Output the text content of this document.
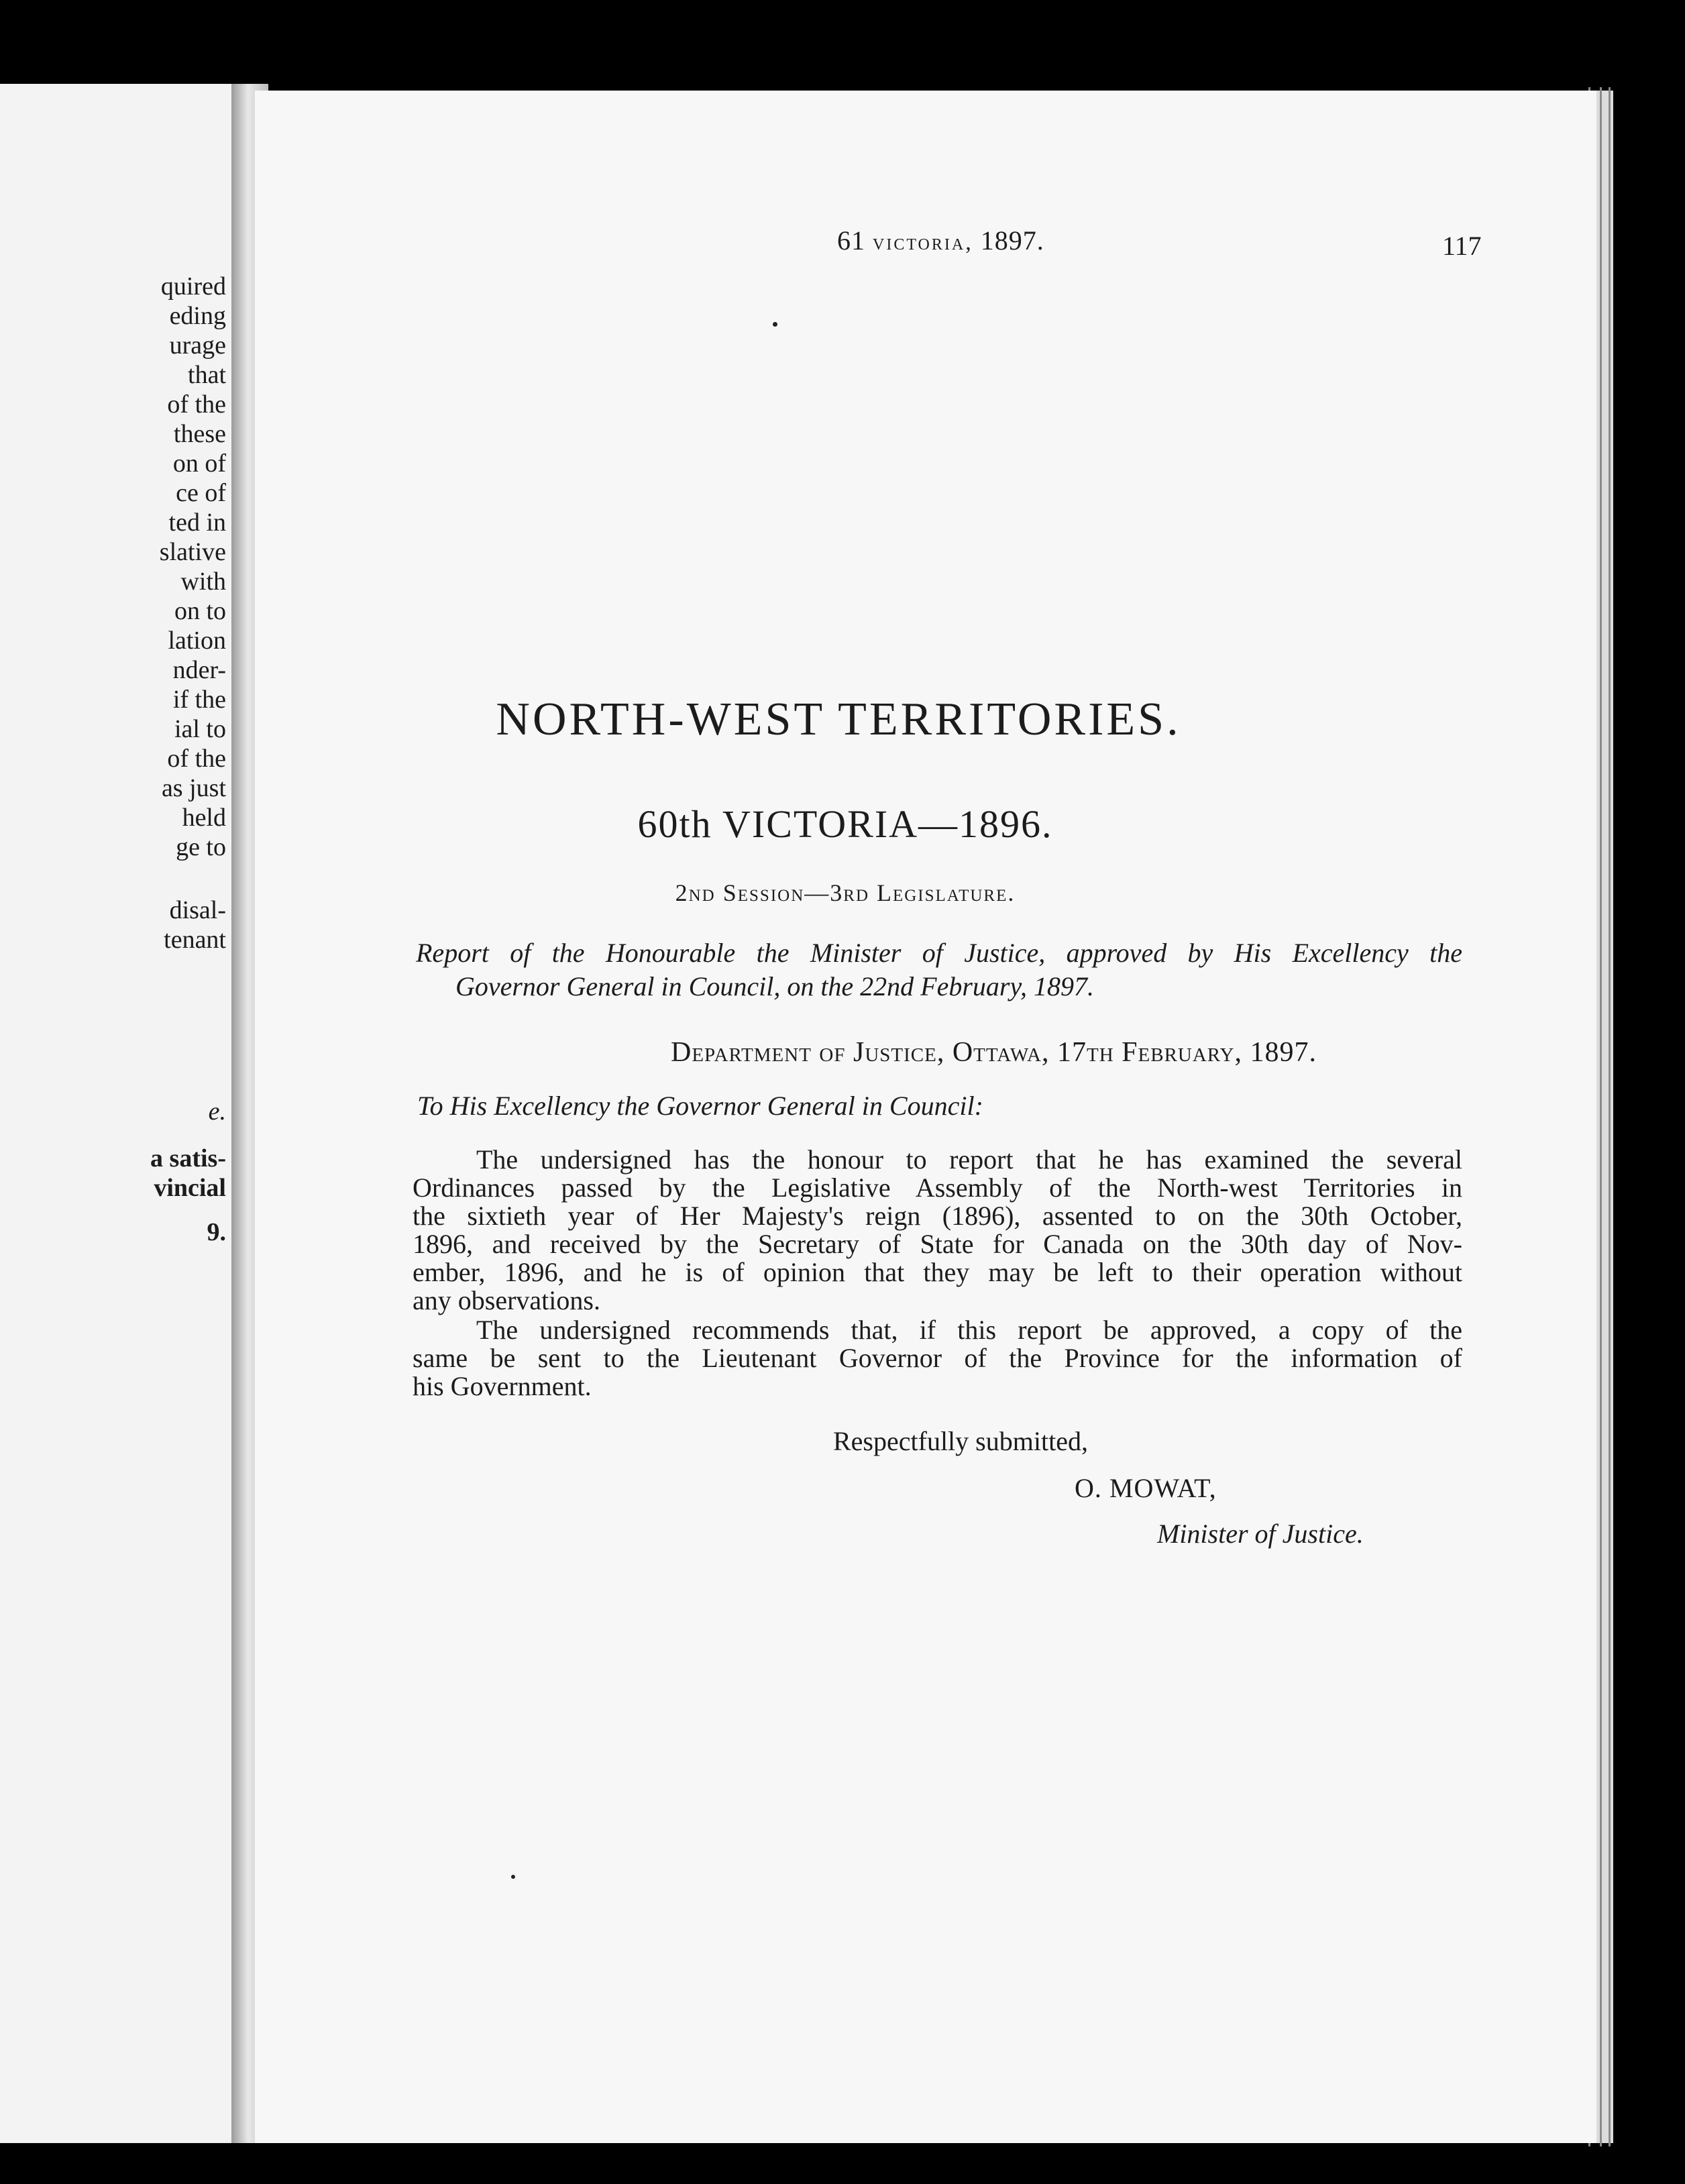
quired
eding
urage
that
of the
these
on of
ce of
ted in
slative
with
on to
lation
nder-
if the
ial to
of the
as just
held
ge to
disal-
tenant
e.
a satis-
vincial
9.
61 victoria, 1897.	117
NORTH-WEST TERRITORIES.
60th VICTORIA—1896.
2nd Session—3rd Legislature.
Report of the Honourable the Minister of Justice, approved by His Excellency the
Governor General in Council, on the 22nd February, 1897.
Department of Justice, Ottawa, 17th February, 1897.
To His Excellency the Governor General in Council:
The undersigned has the honour to report that he has examined the several
Ordinances passed by the Legislative Assembly of the North-west Territories in
the sixtieth year of Her Majesty's reign (1896), assented to on the 30th October,
1896, and received by the Secretary of State for Canada on the 30th day of Nov-
ember, 1896, and he is of opinion that they may be left to their operation without
any observations.
The undersigned recommends that, if this report be approved, a copy of the
same be sent to the Lieutenant Governor of the Province for the information of
his Government.
Respectfully submitted,
O. MOWAT,
Minister of Justice.
